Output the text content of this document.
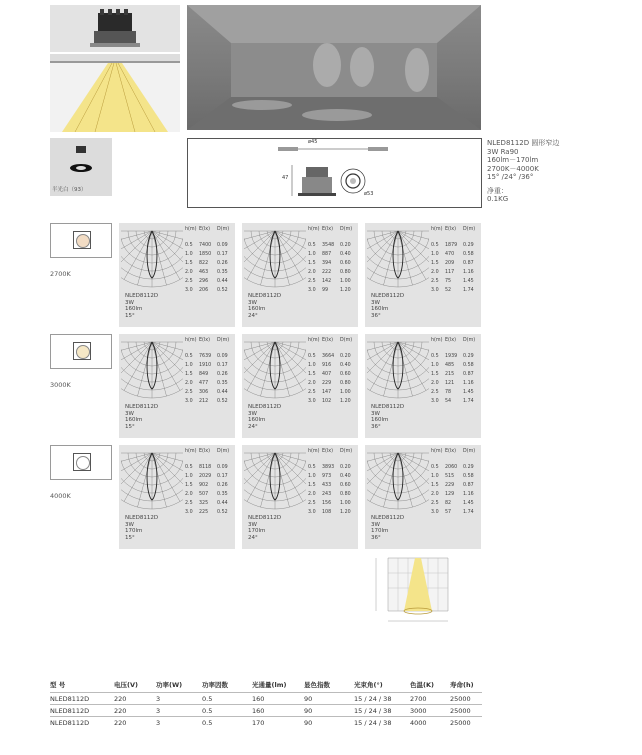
半光白（93）
ø45
47
ø53
NLED8112D 圆形窄边
3W Ra90
160lm－170lm
2700K－4000K
15° /24° /36°
净重：
0.1KG
2700K
3000K
4000K
h(m) E(lx) D(m)
0.5 7400 0.09
1.0 1850 0.17
1.5 822 0.26
2.0 463 0.35
2.5 296 0.44
3.0 206 0.52
NLED8112D
3W
160lm
15°
h(m) E(lx) D(m)
0.5 3548 0.20
1.0 887 0.40
1.5 394 0.60
2.0 222 0.80
2.5 142 1.00
3.0 99 1.20
NLED8112D
3W
160lm
24°
h(m) E(lx) D(m)
0.5 1879 0.29
1.0 470 0.58
1.5 209 0.87
2.0 117 1.16
2.5 75 1.45
3.0 52 1.74
NLED8112D
3W
160lm
36°
h(m) E(lx) D(m)
0.5 7639 0.09
1.0 1910 0.17
1.5 849 0.26
2.0 477 0.35
2.5 306 0.44
3.0 212 0.52
NLED8112D
3W
160lm
15°
h(m) E(lx) D(m)
0.5 3664 0.20
1.0 916 0.40
1.5 407 0.60
2.0 229 0.80
2.5 147 1.00
3.0 102 1.20
NLED8112D
3W
160lm
24°
h(m) E(lx) D(m)
0.5 1939 0.29
1.0 485 0.58
1.5 215 0.87
2.0 121 1.16
2.5 78 1.45
3.0 54 1.74
NLED8112D
3W
160lm
36°
h(m) E(lx) D(m)
0.5 8118 0.09
1.0 2029 0.17
1.5 902 0.26
2.0 507 0.35
2.5 325 0.44
3.0 225 0.52
NLED8112D
3W
170lm
15°
h(m) E(lx) D(m)
0.5 3893 0.20
1.0 973 0.40
1.5 433 0.60
2.0 243 0.80
2.5 156 1.00
3.0 108 1.20
NLED8112D
3W
170lm
24°
h(m) E(lx) D(m)
0.5 2060 0.29
1.0 515 0.58
1.5 229 0.87
2.0 129 1.16
2.5 82 1.45
3.0 57 1.74
NLED8112D
3W
170lm
36°
型 号	电压(V)	功率(W)	功率因数	光通量(lm)	显色指数	光束角(°)	色温(K)	寿命(h)
NLED8112D	220	3	0.5	160	90	15 / 24 / 38	2700	25000
NLED8112D	220	3	0.5	160	90	15 / 24 / 38	3000	25000
NLED8112D	220	3	0.5	170	90	15 / 24 / 38	4000	25000
